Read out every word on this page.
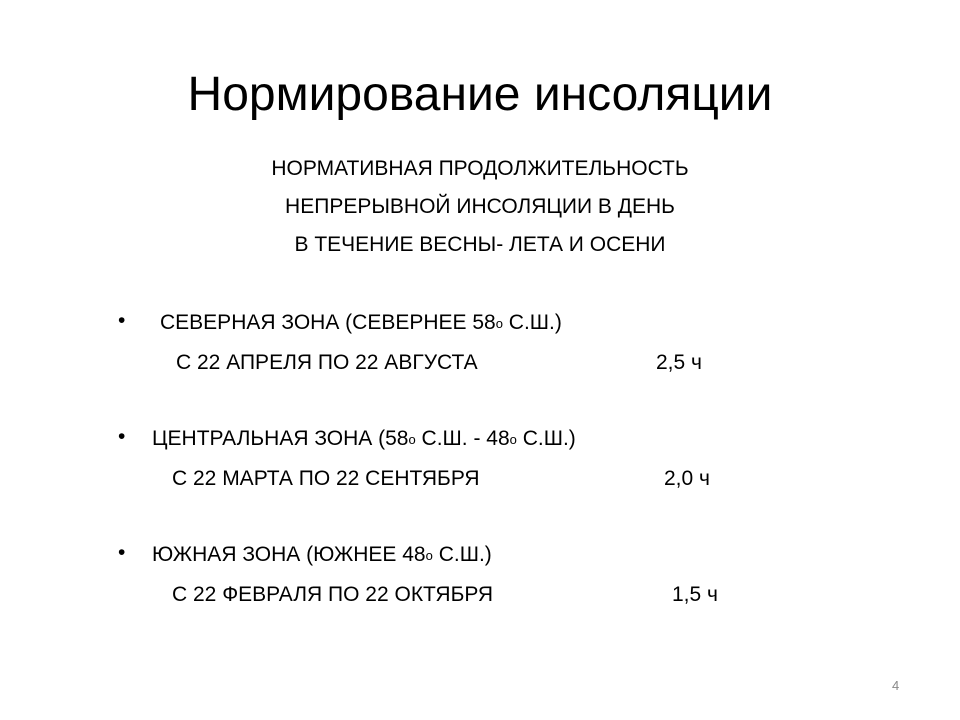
Нормирование инсоляции
НОРМАТИВНАЯ ПРОДОЛЖИТЕЛЬНОСТЬ
НЕПРЕРЫВНОЙ ИНСОЛЯЦИИ В ДЕНЬ
В ТЕЧЕНИЕ ВЕСНЫ- ЛЕТА И ОСЕНИ
• СЕВЕРНАЯ ЗОНА (СЕВЕРНЕЕ 58о С.Ш.)
С 22 АПРЕЛЯ ПО 22 АВГУСТА	2,5 ч
• ЦЕНТРАЛЬНАЯ ЗОНА (58о С.Ш. - 48о С.Ш.)
С 22 МАРТА ПО 22 СЕНТЯБРЯ	2,0 ч
• ЮЖНАЯ ЗОНА (ЮЖНЕЕ 48о С.Ш.)
С 22 ФЕВРАЛЯ ПО 22 ОКТЯБРЯ	1,5 ч
4
